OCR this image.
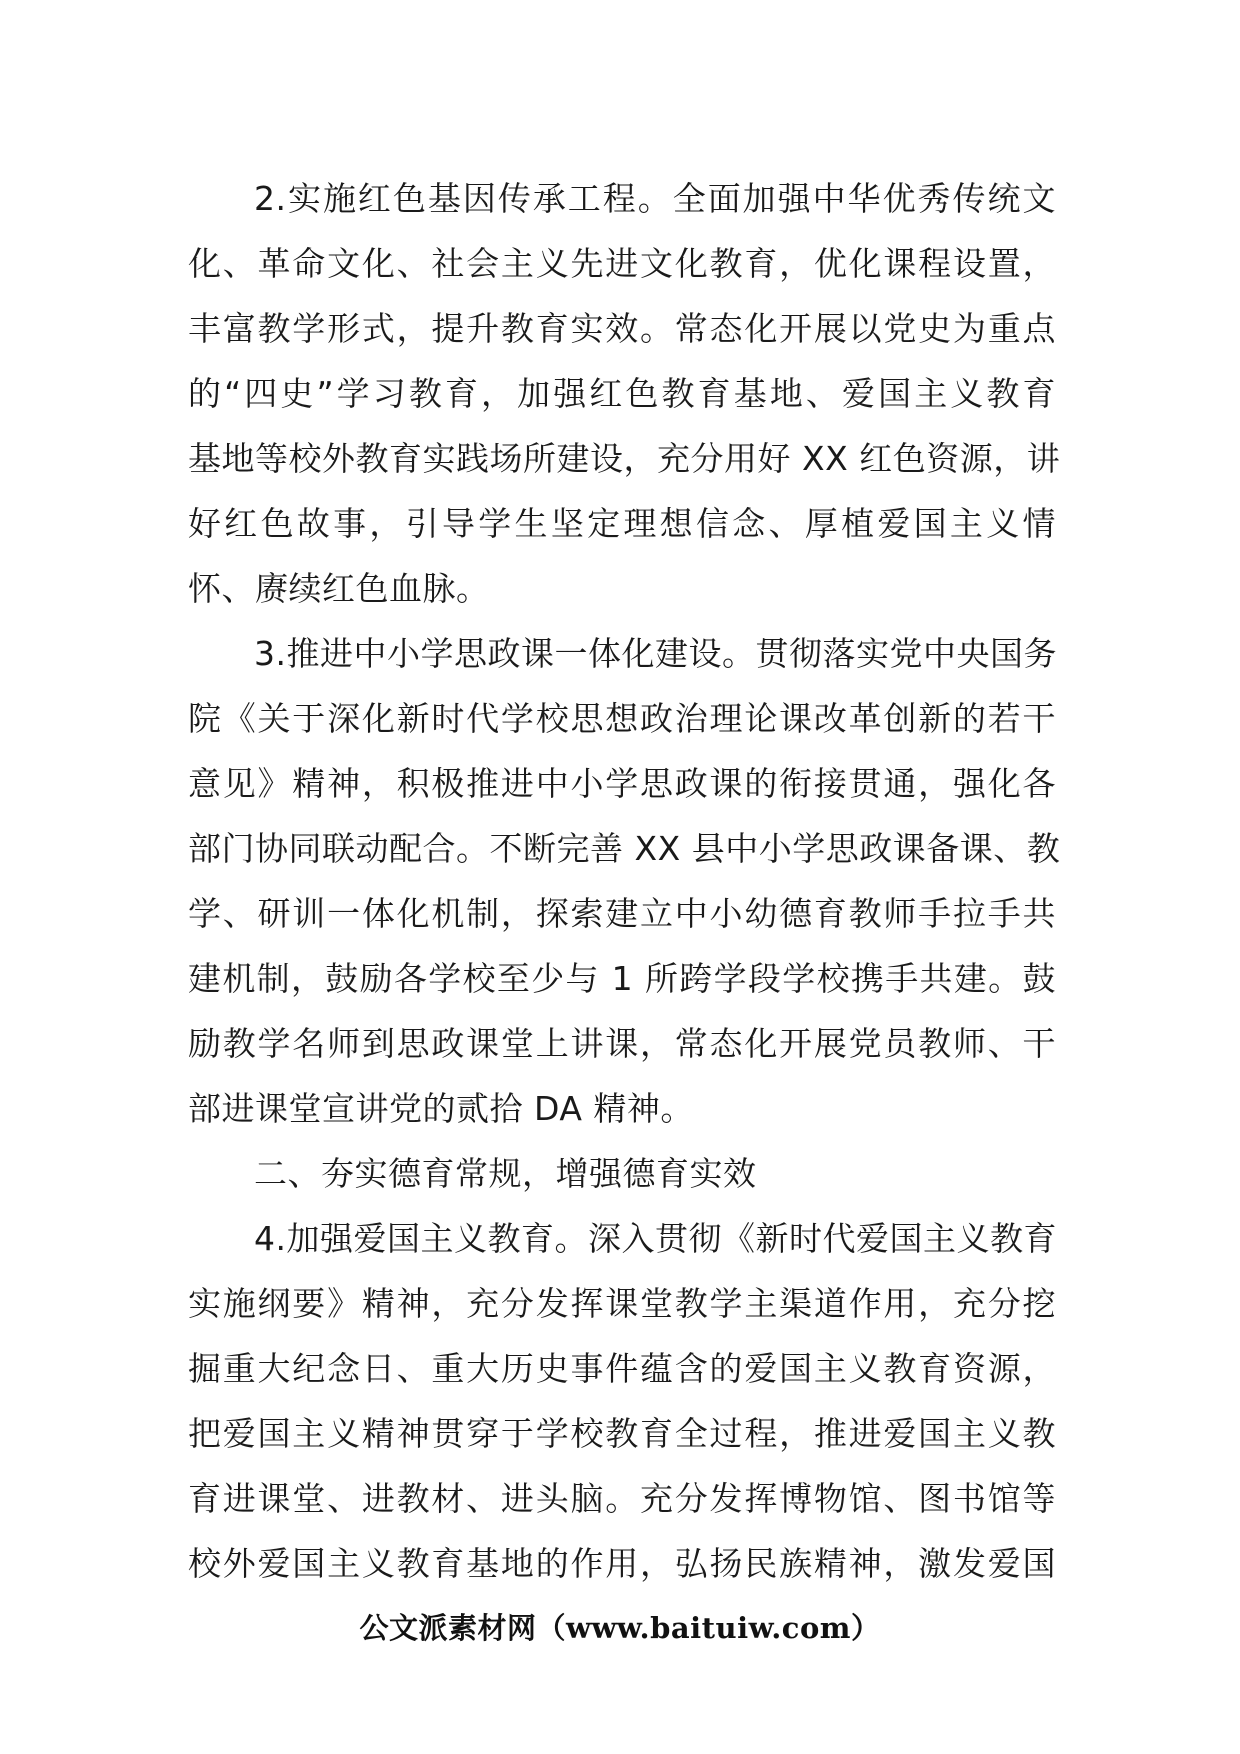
2.实施红色基因传承工程。全面加强中华优秀传统文
化、革命文化、社会主义先进文化教育，优化课程设置，
丰富教学形式，提升教育实效。常态化开展以党史为重点
的“四史”学习教育，加强红色教育基地、爱国主义教育
基地等校外教育实践场所建设，充分用好 XX 红色资源，讲
好红色故事，引导学生坚定理想信念、厚植爱国主义情
怀、赓续红色血脉。
3.推进中小学思政课一体化建设。贯彻落实党中央国务
院《关于深化新时代学校思想政治理论课改革创新的若干
意见》精神，积极推进中小学思政课的衔接贯通，强化各
部门协同联动配合。不断完善 XX 县中小学思政课备课、教
学、研训一体化机制，探索建立中小幼德育教师手拉手共
建机制，鼓励各学校至少与 1 所跨学段学校携手共建。鼓
励教学名师到思政课堂上讲课，常态化开展党员教师、干
部进课堂宣讲党的贰拾 DA 精神。
二、夯实德育常规，增强德育实效
4.加强爱国主义教育。深入贯彻《新时代爱国主义教育
实施纲要》精神，充分发挥课堂教学主渠道作用，充分挖
掘重大纪念日、重大历史事件蕴含的爱国主义教育资源，
把爱国主义精神贯穿于学校教育全过程，推进爱国主义教
育进课堂、进教材、进头脑。充分发挥博物馆、图书馆等
校外爱国主义教育基地的作用，弘扬民族精神，激发爱国
公文派素材网（www.baituiw.com）
